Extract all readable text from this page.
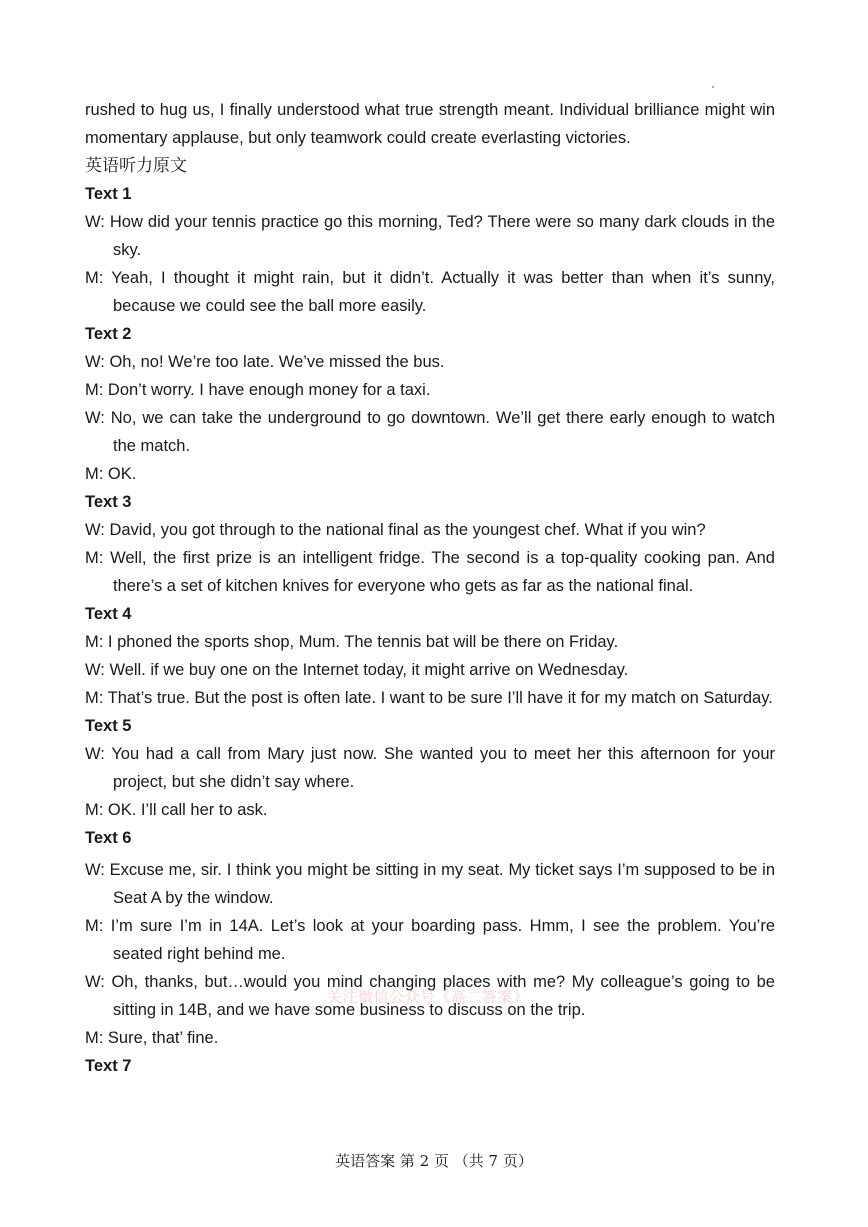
rushed to hug us, I finally understood what true strength meant. Individual brilliance might win momentary applause, but only teamwork could create everlasting victories.

英语听力原文

Text 1

W: How did your tennis practice go this morning, Ted? There were so many dark clouds in the sky.

M: Yeah, I thought it might rain, but it didn’t. Actually it was better than when it’s sunny, because we could see the ball more easily.

Text 2

W: Oh, no! We’re too late. We’ve missed the bus.

M: Don’t worry. I have enough money for a taxi.

W: No, we can take the underground to go downtown. We’ll get there early enough to watch the match.

M: OK.

Text 3

W: David, you got through to the national final as the youngest chef. What if you win?

M: Well, the first prize is an intelligent fridge. The second is a top-quality cooking pan. And there’s a set of kitchen knives for everyone who gets as far as the national final.

Text 4

M: I phoned the sports shop, Mum. The tennis bat will be there on Friday.

W: Well. if we buy one on the Internet today, it might arrive on Wednesday.

M: That’s true. But the post is often late. I want to be sure I’ll have it for my match on Saturday.

Text 5

W: You had a call from Mary just now. She wanted you to meet her this afternoon for your project, but she didn’t say where.

M: OK. I’ll call her to ask.

Text 6

W: Excuse me, sir. I think you might be sitting in my seat. My ticket says I’m supposed to be in Seat A by the window.

M: I’m sure I’m in 14A. Let’s look at your boarding pass. Hmm, I see the problem. You’re seated right behind me.

W: Oh, thanks, but…would you mind changing places with me? My colleague’s going to be sitting in 14B, and we have some business to discuss on the trip.

M: Sure, that’ fine.

Text 7

关注微信公众号《高二答案》
英语答案 第 2 页 （共 7 页）
